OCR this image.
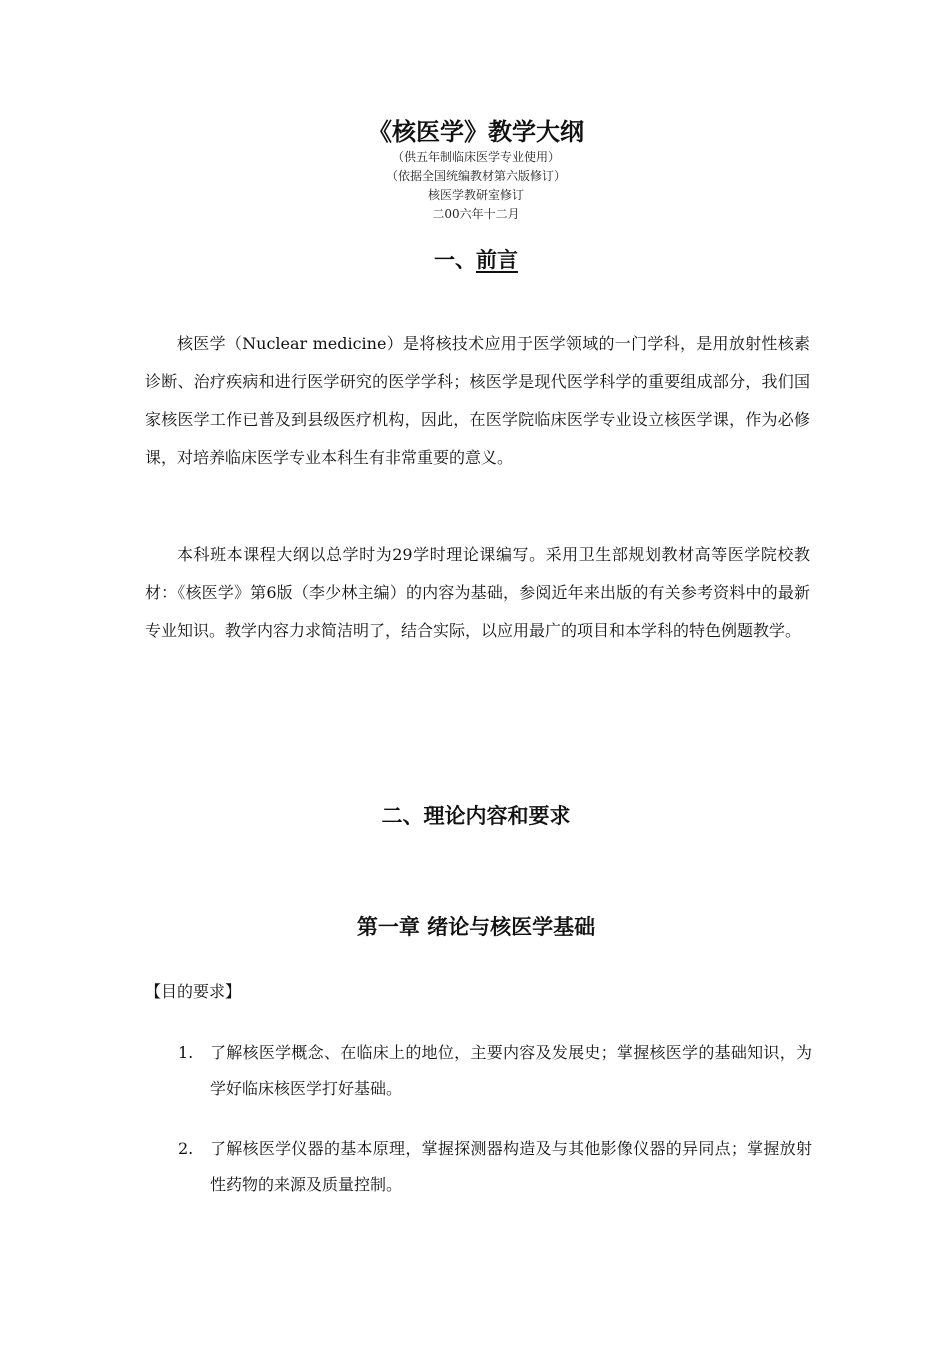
《核医学》教学大纲

（供五年制临床医学专业使用）

（依据全国统编教材第六版修订）

核医学教研室修订

二00六年十二月

一、前言

核医学（Nuclear medicine）是将核技术应用于医学领域的一门学科，是用放射性核素诊断、治疗疾病和进行医学研究的医学学科；核医学是现代医学科学的重要组成部分，我们国家核医学工作已普及到县级医疗机构，因此，在医学院临床医学专业设立核医学课，作为必修课，对培养临床医学专业本科生有非常重要的意义。

本科班本课程大纲以总学时为29学时理论课编写。采用卫生部规划教材高等医学院校教材：《核医学》第6版（李少林主编）的内容为基础，参阅近年来出版的有关参考资料中的最新专业知识。教学内容力求简洁明了，结合实际，以应用最广的项目和本学科的特色例题教学。

二、理论内容和要求
第一章 绪论与核医学基础

【目的要求】

1.	了解核医学概念、在临床上的地位，主要内容及发展史；掌握核医学的基础知识，为学好临床核医学打好基础。
2.	了解核医学仪器的基本原理，掌握探测器构造及与其他影像仪器的异同点；掌握放射性药物的来源及质量控制。
